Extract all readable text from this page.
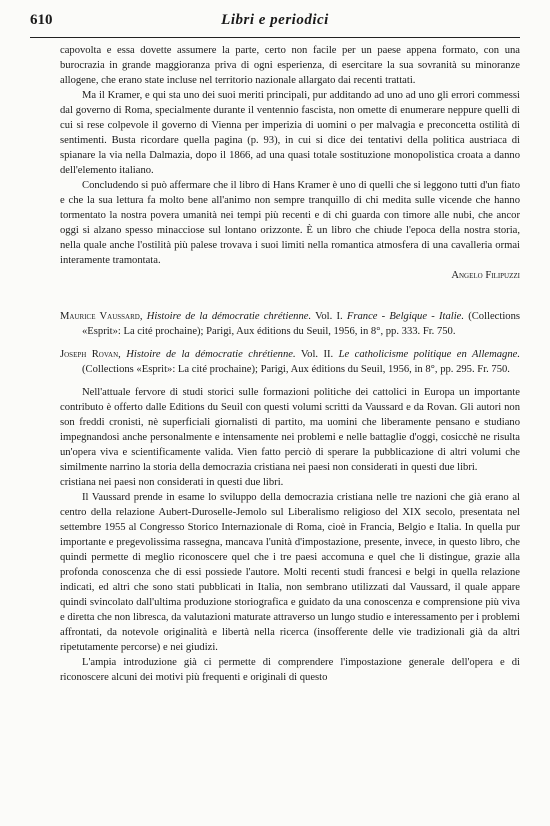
610	Libri e periodici

capovolta e essa dovette assumere la parte, certo non facile per un paese appena formato, con una burocrazia in grande maggioranza priva di ogni esperienza, di esercitare la sua sovranità su minoranze allogene, che erano state incluse nel territorio nazionale allargato dai recenti trattati.

Ma il Kramer, e qui sta uno dei suoi meriti principali, pur additando ad uno ad uno gli errori commessi dal governo di Roma, specialmente durante il ventennio fascista, non omette di enumerare neppure quelli di cui si rese colpevole il governo di Vienna per imperizia di uomini o per malvagia e preconcetta ostilità di sentimenti. Busta ricordare quella pagina (p. 93), in cui si dice dei tentativi della politica austriaca di spianare la via nella Dalmazia, dopo il 1866, ad una quasi totale sostituzione monopolistica croata a danno dell'elemento italiano.

Concludendo si può affermare che il libro di Hans Kramer è uno di quelli che si leggono tutti d'un fiato e che la sua lettura fa molto bene all'animo non sempre tranquillo di chi medita sulle vicende che hanno tormentato la nostra povera umanità nei tempi più recenti e di chi guarda con timore alle nubi, che ancor oggi si alzano spesso minacciose sul lontano orizzonte. È un libro che chiude l'epoca della nostra storia, nella quale anche l'ostilità più palese trovava i suoi limiti nella romantica atmosfera di una cavalleria ormai interamente tramontata.

Angelo Filipuzzi

Maurice Vaussard, Histoire de la démocratie chrétienne. Vol. I. France - Belgique - Italie. (Collections «Esprit»: La cité prochaine); Parigi, Aux éditions du Seuil, 1956, in 8°, pp. 333. Fr. 750.

Joseph Rovan, Histoire de la démocratie chrétienne. Vol. II. Le catholicisme politique en Allemagne. (Collections «Esprit»: La cité prochaine); Parigi, Aux éditions du Seuil, 1956, in 8°, pp. 295. Fr. 750.

Nell'attuale fervore di studi storici sulle formazioni politiche dei cattolici in Europa un importante contributo è offerto dalle Editions du Seuil con questi volumi scritti da Vaussard e da Rovan. Gli autori non son freddi cronisti, nè superficiali giornalisti di partito, ma uomini che liberamente pensano e studiano impegnandosi anche personalmente e intensamente nei problemi e nelle battaglie d'oggi, cosicchè ne risulta un'opera viva e scientificamente valida. Vien fatto perciò di sperare la pubblicazione di altri volumi che similmente narrino la storia della democrazia cristiana nei paesi non considerati in questi due libri.

cristiana nei paesi non considerati in questi due libri.

Il Vaussard prende in esame lo sviluppo della democrazia cristiana nelle tre nazioni che già erano al centro della relazione Aubert-Duroselle-Jemolo sul Liberalismo religioso del XIX secolo, presentata nel settembre 1955 al Congresso Storico Internazionale di Roma, cioè in Francia, Belgio e Italia. In quella pur importante e pregevolissima rassegna, mancava l'unità d'impostazione, presente, invece, in questo libro, che quindi permette di meglio riconoscere quel che i tre paesi accomuna e quel che li distingue, grazie alla profonda conoscenza che di essi possiede l'autore. Molti recenti studi francesi e belgi in quella relazione indicati, ed altri che sono stati pubblicati in Italia, non sembrano utilizzati dal Vaussard, il quale appare quindi svincolato dall'ultima produzione storiografica e guidato da una conoscenza e comprensione più viva e diretta che non libresca, da valutazioni maturate attraverso un lungo studio e interessamento per i problemi affrontati, da notevole originalità e libertà nella ricerca (insofferente delle vie tradizionali già da altri ripetutamente percorse) e nei giudizi.

L'ampia introduzione già ci permette di comprendere l'impostazione generale dell'opera e di riconoscere alcuni dei motivi più frequenti e originali di questo
